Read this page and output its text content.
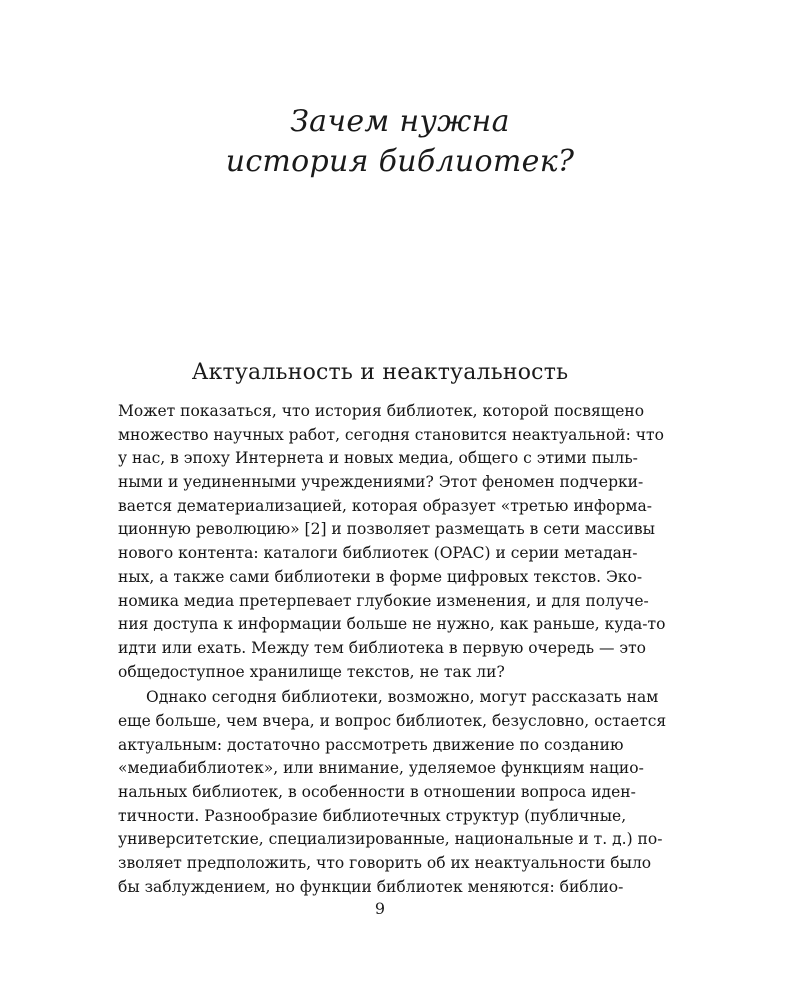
Зачем нужна
история библиотек?
Актуальность и неактуальность
Может показаться, что история библиотек, которой посвящено
множество научных работ, сегодня становится неактуальной: что
у нас, в эпоху Интернета и новых медиа, общего с этими пыль-
ными и уединенными учреждениями? Этот феномен подчерки-
вается дематериализацией, которая образует «третью информа-
ционную революцию» [2] и позволяет размещать в сети массивы
нового контента: каталоги библиотек (OPAC) и серии метадан-
ных, а также сами библиотеки в форме цифровых текстов. Эко-
номика медиа претерпевает глубокие изменения, и для получе-
ния доступа к информации больше не нужно, как раньше, куда-то
идти или ехать. Между тем библиотека в первую очередь — это
общедоступное хранилище текстов, не так ли?
Однако сегодня библиотеки, возможно, могут рассказать нам
еще больше, чем вчера, и вопрос библиотек, безусловно, остается
актуальным: достаточно рассмотреть движение по созданию
«медиабиблиотек», или внимание, уделяемое функциям нацио-
нальных библиотек, в особенности в отношении вопроса иден-
тичности. Разнообразие библиотечных структур (публичные,
университетские, специализированные, национальные и т. д.) по-
зволяет предположить, что говорить об их неактуальности было
бы заблуждением, но функции библиотек меняются: библио-
9
